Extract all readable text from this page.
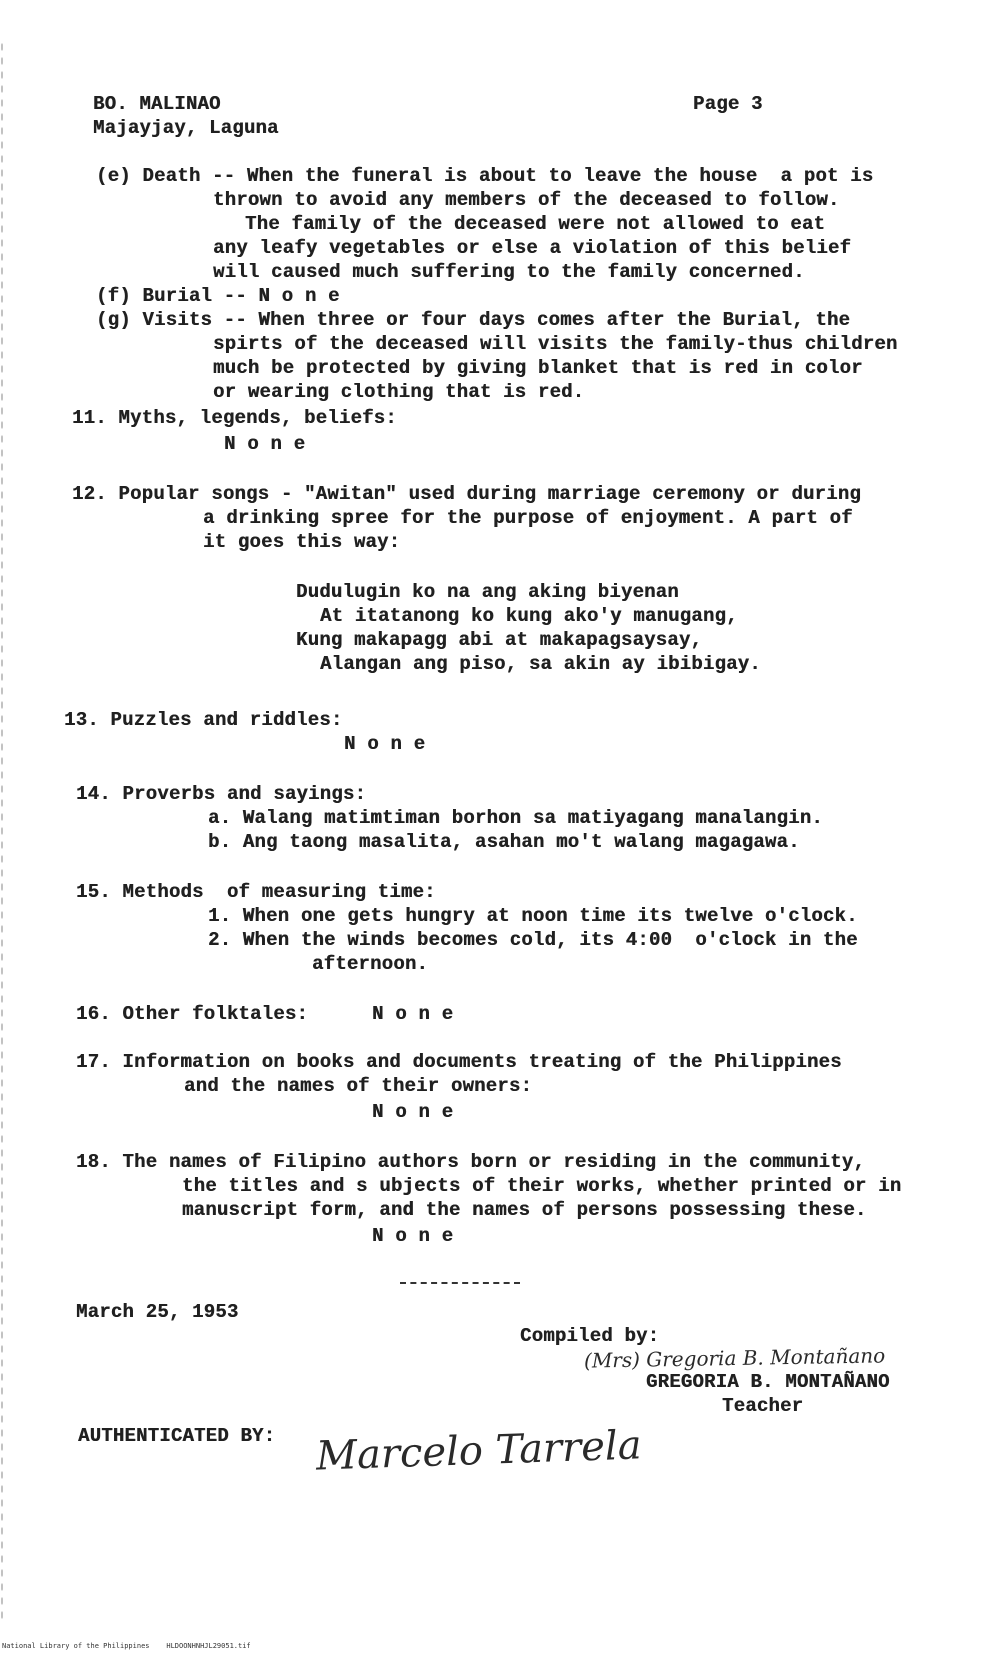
BO. MALINAO
Majayjay, Laguna
Page 3
(e) Death -- When the funeral is about to leave the house  a pot is
thrown to avoid any members of the deceased to follow.
The family of the deceased were not allowed to eat
any leafy vegetables or else a violation of this belief
will caused much suffering to the family concerned.
(f) Burial -- N o n e
(g) Visits -- When three or four days comes after the Burial, the
spirts of the deceased will visits the family-thus children
much be protected by giving blanket that is red in color
or wearing clothing that is red.
11. Myths, legends, beliefs:
N o n e
12. Popular songs - "Awitan" used during marriage ceremony or during
a drinking spree for the purpose of enjoyment. A part of
it goes this way:
Dudulugin ko na ang aking biyenan
At itatanong ko kung ako'y manugang,
Kung makapagg abi at makapagsaysay,
Alangan ang piso, sa akin ay ibibigay.
13. Puzzles and riddles:
N o n e
14. Proverbs and sayings:
a. Walang matimtiman borhon sa matiyagang manalangin.
b. Ang taong masalita, asahan mo't walang magagawa.
15. Methods  of measuring time:
1. When one gets hungry at noon time its twelve o'clock.
2. When the winds becomes cold, its 4:00  o'clock in the
afternoon.
16. Other folktales:	N o n e
17. Information on books and documents treating of the Philippines
and the names of their owners:
N o n e
18. The names of Filipino authors born or residing in the community,
the titles and s ubjects of their works, whether printed or in
manuscript form, and the names of persons possessing these.
N o n e
March 25, 1953
Compiled by:
(Mrs) Gregoria B. Montañano
GREGORIA B. MONTAÑANO
Teacher
AUTHENTICATED BY: Marcelo Tarrela
National Library of the Philippines    HLDOONHNHJL29051.tif
